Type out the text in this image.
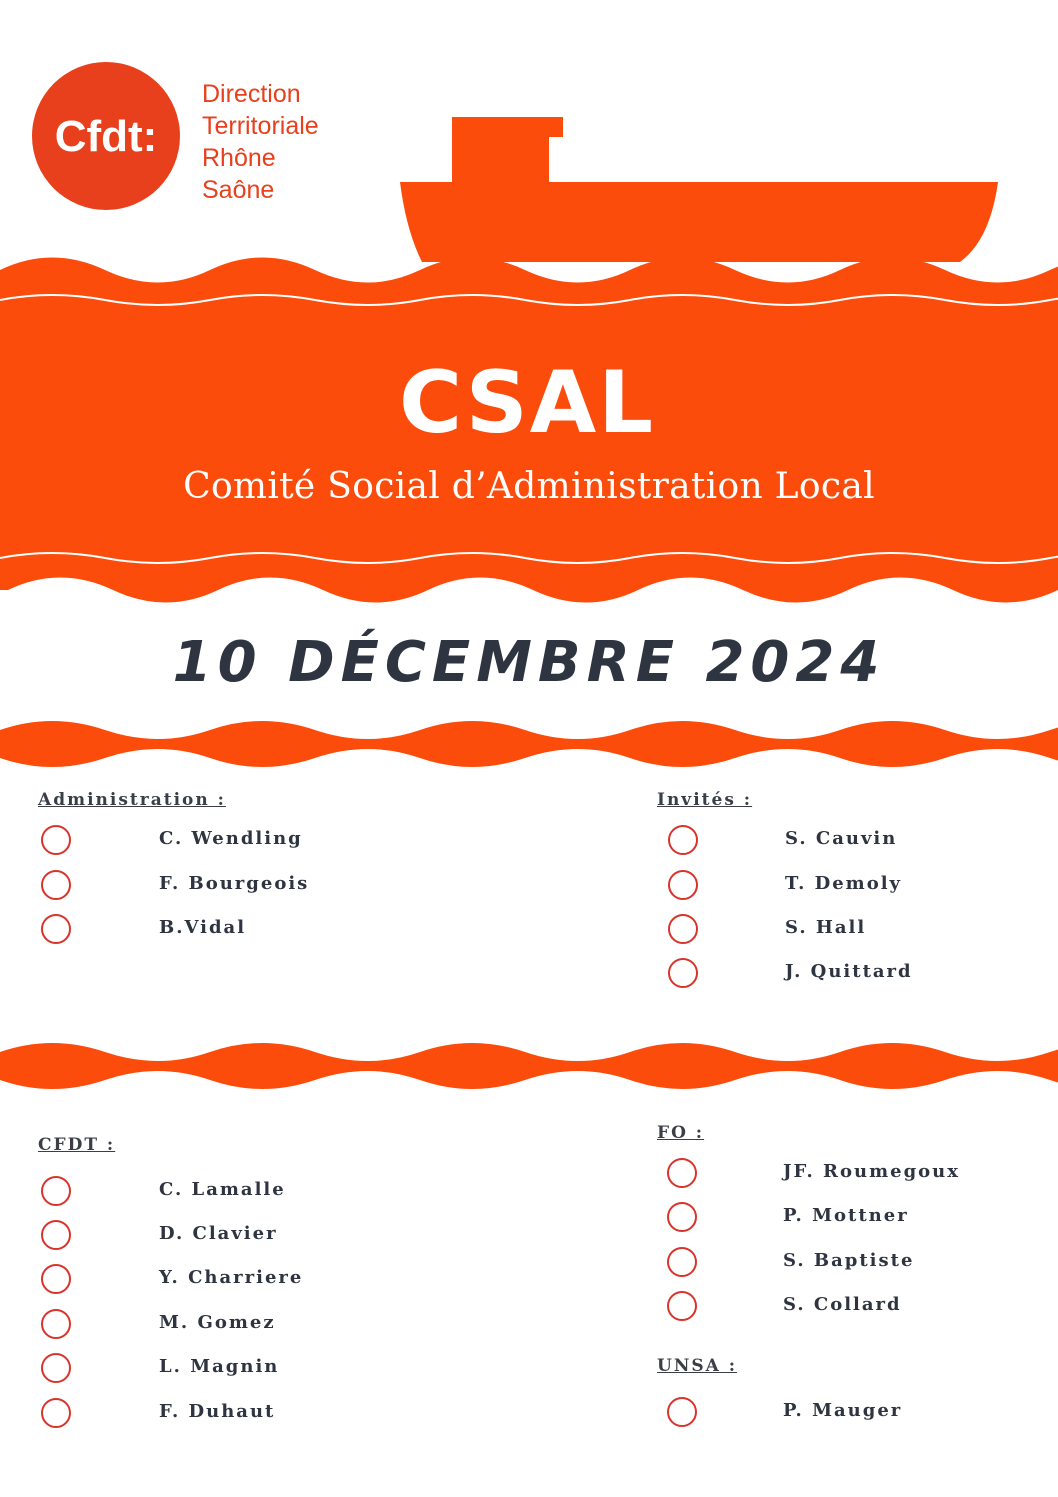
Cfdt:
CSAL
Direction
Territoriale
Rhône
Saône
Comité Social d’Administration Local
10 DÉCEMBRE 2024
Administration :
C. Wendling
F. Bourgeois
B.Vidal
Invités :
S. Cauvin
T. Demoly
S. Hall
J. Quittard
CFDT :
C. Lamalle
D. Clavier
Y. Charriere
M. Gomez
L. Magnin
F. Duhaut
FO :
JF. Roumegoux
P. Mottner
S. Baptiste
S. Collard
UNSA :
P. Mauger
